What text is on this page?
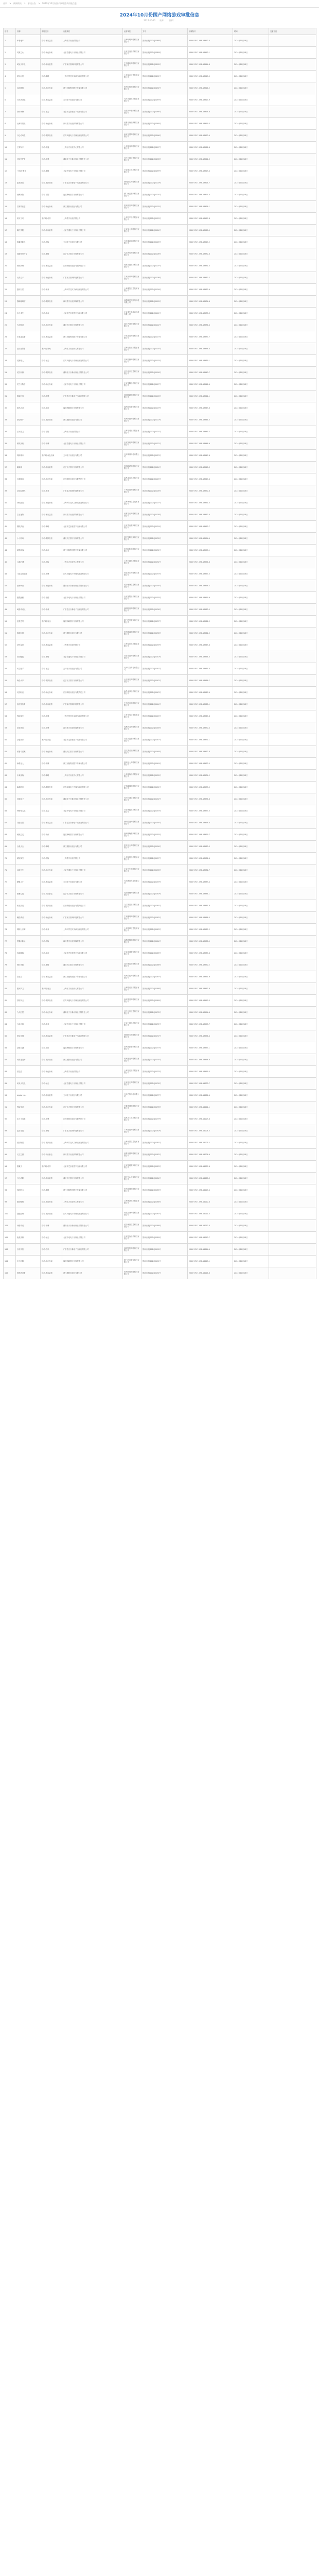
首页 > 新闻资讯 > 游戏公告 > 2024年10月份国产网络游戏审批信息
2024年10月份国产网络游戏审批信息
2024-10-21 来源： 编辑：
序号	名称	申报类别	出版单位	运营单位	文号	出版物号	时间	变更信息
1	咔嗒地牢	移动-休闲益智	上海数字出版有限公司	上海咔嗒网络科技有限公司	国新出审[2024]2088号	ISBN 978-7-498-13912-4	2024年10月18日	
2	英雄之心	移动-角色扮演	北京伯通电子出版社有限公司	北京光速互动科技有限公司	国新出审[2024]2089号	ISBN 978-7-498-13913-1	2024年10月18日	
3	萌宠大作战	移动-休闲益智	广东南方数码科技有限公司	广州趣玩网络科技有限公司	国新出审[2024]2090号	ISBN 978-7-498-13914-8	2024年10月18日	
4	星途远航	移动-策略	上海科学技术文献出版社有限公司	上海星途信息技术有限公司	国新出审[2024]2091号	ISBN 978-7-498-13915-5	2024年10月18日	
5	仙剑奇缘	移动-角色扮演	浙江出版集团数字传媒有限公司	杭州仙缘网络科技有限公司	国新出审[2024]2092号	ISBN 978-7-498-13916-2	2024年10月18日	
6	方块消消乐	移动-休闲益智	天津电子出版社有限公司	天津乐趣互动娱乐有限公司	国新出审[2024]2093号	ISBN 978-7-498-13917-9	2024年10月18日	
7	铁甲争锋	移动-射击	北京华艺创世数字出版有限公司	北京铁甲游戏科技有限公司	国新出审[2024]2094号	ISBN 978-7-498-13918-6	2024年10月18日	
8	山海异闻录	移动-角色扮演	四川数字出版传媒有限公司	成都山海互娱科技有限公司	国新出审[2024]2095号	ISBN 978-7-498-13919-3	2024年10月18日	
9	开心农场主	移动-模拟经营	江苏凤凰电子音像出版社有限公司	南京田园网络科技有限公司	国新出审[2024]2096号	ISBN 978-7-498-13920-9	2024年10月18日	
10	王牌车手	移动-竞速	上海东方出版中心有限公司	上海极速网络科技有限公司	国新出审[2024]2097号	ISBN 978-7-498-13921-6	2024年10月18日	
11	幻境守护者	移动-卡牌	湖南电子音像出版社有限责任公司	长沙幻境信息科技有限公司	国新出审[2024]2098号	ISBN 978-7-498-13922-3	2024年10月18日	
12	三国志·霸业	移动-策略	北京中电电子出版社有限公司	北京霸业互动科技有限公司	国新出审[2024]2099号	ISBN 978-7-498-13923-0	2024年10月18日	
13	甜品物语	移动-模拟经营	广东语言音像电子出版社有限公司	深圳甜心网络科技有限公司	国新出审[2024]2100号	ISBN 978-7-498-13924-7	2024年10月18日	
14	深海探险	移动-冒险	福建海峡数字出版有限公司	厦门深蓝游戏科技有限公司	国新出审[2024]2101号	ISBN 978-7-498-13925-4	2024年10月18日	
15	武林群侠志	移动-角色扮演	浙江摄影出版社有限公司	杭州侠客网络科技有限公司	国新出审[2024]2102号	ISBN 978-7-498-13926-1	2024年10月18日	
16	机甲工坊	客户端-动作	上海数字出版有限公司	上海机甲互动娱乐有限公司	国新出审[2024]2103号	ISBN 978-7-498-13927-8	2024年10月18日	
17	魔法学院	移动-休闲益智	北京伯通电子出版社有限公司	北京星火网络科技有限公司	国新出审[2024]2104号	ISBN 978-7-498-13928-5	2024年10月18日	
18	像素冒险岛	移动-冒险	天津电子出版社有限公司	天津像素乐园科技有限公司	国新出审[2024]2105号	ISBN 978-7-498-13929-2	2024年10月18日	
19	战舰世界传说	移动-策略	辽宁北方数字出版有限公司	大连海风网络科技有限公司	国新出审[2024]2106号	ISBN 978-7-498-13930-8	2024年10月18日	
20	拼图大师	移动-休闲益智	江西高校出版社有限责任公司	南昌智趣互动科技有限公司	国新出审[2024]2107号	ISBN 978-7-498-13931-5	2024年10月18日	
21	天命之子	移动-角色扮演	广东南方数码科技有限公司	广州天命网络科技有限公司	国新出审[2024]2108号	ISBN 978-7-498-13932-2	2024年10月18日	
22	篮球巨星	移动-体育	上海科学技术文献出版社有限公司	上海灌篮信息技术有限公司	国新出审[2024]2109号	ISBN 978-7-498-13933-9	2024年10月18日	
23	猫咪咖啡馆	移动-模拟经营	四川数字出版传媒有限公司	成都喵星人网络科技有限公司	国新出审[2024]2110号	ISBN 978-7-498-13934-6	2024年10月18日	
24	末日求生	移动-生存	北京华艺创世数字出版有限公司	北京求生者游戏科技有限公司	国新出审[2024]2111号	ISBN 978-7-498-13935-3	2024年10月18日	
25	古剑传说	移动-角色扮演	湖北长江数字出版有限公司	武汉古剑互娱科技有限公司	国新出审[2024]2112号	ISBN 978-7-498-13936-0	2024年10月18日	
26	水果连连看	移动-休闲益智	浙江出版集团数字传媒有限公司	宁波果果网络科技有限公司	国新出审[2024]2113号	ISBN 978-7-498-13937-7	2024年10月18日	
27	星际指挥官	客户端-策略	上海东方出版中心有限公司	上海星际互动娱乐有限公司	国新出审[2024]2114号	ISBN 978-7-498-13938-4	2024年10月18日	
28	荒野猎人	移动-射击	江苏凤凰电子音像出版社有限公司	苏州荒野网络科技有限公司	国新出审[2024]2115号	ISBN 978-7-498-13939-1	2024年10月18日	
29	花园小镇	移动-模拟经营	湖南电子音像出版社有限责任公司	长沙花开信息科技有限公司	国新出审[2024]2116号	ISBN 978-7-498-13940-7	2024年10月18日	
30	龙之谷物语	移动-角色扮演	北京中电电子出版社有限公司	北京龙腾互动科技有限公司	国新出审[2024]2117号	ISBN 978-7-498-13941-4	2024年10月18日	
31	棋魂对弈	移动-棋牌	广东语言音像电子出版社有限公司	深圳棋趣网络科技有限公司	国新出审[2024]2118号	ISBN 978-7-498-13942-1	2024年10月18日	
32	疾风忍者	移动-动作	福建海峡数字出版有限公司	福州疾风游戏科技有限公司	国新出审[2024]2119号	ISBN 978-7-498-13943-8	2024年10月18日	
33	梦幻餐厅	移动-模拟经营	浙江摄影出版社有限公司	杭州梦厨网络科技有限公司	国新出审[2024]2120号	ISBN 978-7-498-13944-5	2024年10月18日	
34	王城守卫	移动-塔防	上海数字出版有限公司	上海守城互动娱乐有限公司	国新出审[2024]2121号	ISBN 978-7-498-13945-2	2024年10月18日	
35	精灵契约	移动-卡牌	北京伯通电子出版社有限公司	北京契约网络科技有限公司	国新出审[2024]2122号	ISBN 978-7-498-13946-9	2024年10月18日	
36	赛博都市	客户端-角色扮演	天津电子出版社有限公司	天津赛博科技有限公司	国新出审[2024]2123号	ISBN 978-7-498-13947-6	2024年10月18日	
37	跳跳球	移动-休闲益智	辽宁北方数字出版有限公司	沈阳跳跃网络科技有限公司	国新出审[2024]2124号	ISBN 978-7-498-13948-3	2024年10月18日	
38	江湖夜雨	移动-角色扮演	江西高校出版社有限责任公司	南昌夜雨互动科技有限公司	国新出审[2024]2125号	ISBN 978-7-498-13949-0	2024年10月18日	
39	足球经理人	移动-体育	广东南方数码科技有限公司	广州绿茵网络科技有限公司	国新出审[2024]2126号	ISBN 978-7-498-13950-6	2024年10月18日	
40	神域战记	移动-角色扮演	上海科学技术文献出版社有限公司	上海神域信息技术有限公司	国新出审[2024]2127号	ISBN 978-7-498-13951-3	2024年10月18日	
41	宝石迷阵	移动-休闲益智	四川数字出版传媒有限公司	成都宝石网络科技有限公司	国新出审[2024]2128号	ISBN 978-7-498-13952-0	2024年10月18日	
42	钢铁洪流	移动-策略	北京华艺创世数字出版有限公司	北京洪流游戏科技有限公司	国新出审[2024]2129号	ISBN 978-7-498-13953-7	2024年10月18日	
43	小小牧场	移动-模拟经营	湖北长江数字出版有限公司	武汉牧歌互娱科技有限公司	国新出审[2024]2130号	ISBN 978-7-498-13954-4	2024年10月18日	
44	暗影刺客	移动-动作	浙江出版集团数字传媒有限公司	杭州暗影网络科技有限公司	国新出审[2024]2131号	ISBN 978-7-498-13955-1	2024年10月18日	
45	云端之城	移动-冒险	上海东方出版中心有限公司	上海云端互动娱乐有限公司	国新出审[2024]2132号	ISBN 978-7-498-13956-8	2024年10月18日	
46	斗地主欢乐版	移动-棋牌	江苏凤凰电子音像出版社有限公司	南京欢乐网络科技有限公司	国新出审[2024]2133号	ISBN 978-7-498-13957-5	2024年10月18日	
47	诸神黄昏	移动-角色扮演	湖南电子音像出版社有限责任公司	长沙诸神信息科技有限公司	国新出审[2024]2134号	ISBN 978-7-498-13958-2	2024年10月18日	
48	极限跑酷	移动-跑酷	北京中电电子出版社有限公司	北京极限互动科技有限公司	国新出审[2024]2135号	ISBN 978-7-498-13959-9	2024年10月18日	
49	萌兽养成记	移动-养成	广东语言音像电子出版社有限公司	深圳萌兽网络科技有限公司	国新出审[2024]2136号	ISBN 978-7-498-13960-5	2024年10月18日	
50	逆战苍穹	客户端-射击	福建海峡数字出版有限公司	厦门苍穹游戏科技有限公司	国新出审[2024]2137号	ISBN 978-7-498-13961-2	2024年10月18日	
51	桃源仙境	移动-角色扮演	浙江摄影出版社有限公司	杭州桃源网络科技有限公司	国新出审[2024]2138号	ISBN 978-7-498-13962-9	2024年10月18日	
52	消灭星星	移动-休闲益智	上海数字出版有限公司	上海星星互动娱乐有限公司	国新出审[2024]2139号	ISBN 978-7-498-13963-6	2024年10月18日	
53	帝国崛起	移动-策略	北京伯通电子出版社有限公司	北京帝国网络科技有限公司	国新出审[2024]2140号	ISBN 978-7-498-13964-3	2024年10月18日	
54	时空猎手	移动-射击	天津电子出版社有限公司	天津时空科技有限公司	国新出审[2024]2141号	ISBN 978-7-498-13965-0	2024年10月18日	
55	海岛大亨	移动-模拟经营	辽宁北方数字出版有限公司	大连海岛网络科技有限公司	国新出审[2024]2142号	ISBN 978-7-498-13966-7	2024年10月18日	
56	灵剑仙途	移动-角色扮演	江西高校出版社有限责任公司	南昌灵剑互动科技有限公司	国新出审[2024]2143号	ISBN 978-7-498-13967-4	2024年10月18日	
57	泡泡龙传奇	移动-休闲益智	广东南方数码科技有限公司	广州泡泡网络科技有限公司	国新出审[2024]2144号	ISBN 978-7-498-13968-1	2024年10月18日	
58	雪地赛车	移动-竞速	上海科学技术文献出版社有限公司	上海飞雪信息技术有限公司	国新出审[2024]2145号	ISBN 978-7-498-13969-8	2024年10月18日	
59	妖灵物语	移动-卡牌	四川数字出版传媒有限公司	成都妖灵网络科技有限公司	国新出审[2024]2146号	ISBN 978-7-498-13970-4	2024年10月18日	
60	沙盒世界	客户端-沙盒	北京华艺创世数字出版有限公司	北京沙盒游戏科技有限公司	国新出审[2024]2147号	ISBN 978-7-498-13971-1	2024年10月18日	
61	勇者斗恶魔	移动-角色扮演	湖北长江数字出版有限公司	武汉勇者互娱科技有限公司	国新出审[2024]2148号	ISBN 978-7-498-13972-8	2024年10月18日	
62	麻将达人	移动-棋牌	浙江出版集团数字传媒有限公司	温州达人网络科技有限公司	国新出审[2024]2149号	ISBN 978-7-498-13973-5	2024年10月18日	
63	未来战线	移动-策略	上海东方出版中心有限公司	上海战线互动娱乐有限公司	国新出审[2024]2150号	ISBN 978-7-498-13974-2	2024年10月18日	
64	森林物语	移动-模拟经营	江苏凤凰电子音像出版社有限公司	无锡森林网络科技有限公司	国新出审[2024]2151号	ISBN 978-7-498-13975-9	2024年10月18日	
65	封神演义	移动-角色扮演	湖南电子音像出版社有限责任公司	长沙封神信息科技有限公司	国新出审[2024]2152号	ISBN 978-7-498-13976-6	2024年10月18日	
66	弹弹堂大战	移动-射击	北京中电电子出版社有限公司	北京弹跳互动科技有限公司	国新出审[2024]2153号	ISBN 978-7-498-13977-3	2024年10月18日	
67	奇迹花园	移动-休闲益智	广东语言音像电子出版社有限公司	深圳奇迹网络科技有限公司	国新出审[2024]2154号	ISBN 978-7-498-13978-0	2024年10月18日	
68	破晓之光	移动-动作	福建海峡数字出版有限公司	福州破晓游戏科技有限公司	国新出审[2024]2155号	ISBN 978-7-498-13979-7	2024年10月18日	
69	百战天虫	移动-策略	浙江摄影出版社有限公司	杭州天虫网络科技有限公司	国新出审[2024]2156号	ISBN 978-7-498-13980-3	2024年10月18日	
70	秘境探宝	移动-冒险	上海数字出版有限公司	上海秘境互动娱乐有限公司	国新出审[2024]2157号	ISBN 978-7-498-13981-0	2024年10月18日	
71	问道长生	移动-角色扮演	北京伯通电子出版社有限公司	北京长生网络科技有限公司	国新出审[2024]2158号	ISBN 978-7-498-13982-7	2024年10月18日	
72	糖果工厂	移动-休闲益智	天津电子出版社有限公司	天津糖果科技有限公司	国新出审[2024]2159号	ISBN 978-7-498-13983-4	2024年10月18日	
73	雄鹰空战	移动-飞行射击	辽宁北方数字出版有限公司	沈阳雄鹰网络科技有限公司	国新出审[2024]2160号	ISBN 978-7-498-13984-1	2024年10月18日	
74	桃花源记	移动-模拟经营	江西高校出版社有限责任公司	九江桃源互动科技有限公司	国新出审[2024]2161号	ISBN 978-7-498-13985-8	2024年10月18日	
75	魔塔勇者	移动-角色扮演	广东南方数码科技有限公司	广州魔塔网络科技有限公司	国新出审[2024]2162号	ISBN 978-7-498-13986-5	2024年10月18日	
76	网球公开赛	移动-体育	上海科学技术文献出版社有限公司	上海网球信息技术有限公司	国新出审[2024]2163号	ISBN 978-7-498-13987-2	2024年10月18日	
77	熊猫历险记	移动-冒险	四川数字出版传媒有限公司	成都熊猫网络科技有限公司	国新出审[2024]2164号	ISBN 978-7-498-13988-9	2024年10月18日	
78	战神降临	移动-动作	北京华艺创世数字出版有限公司	北京战神游戏科技有限公司	国新出审[2024]2165号	ISBN 978-7-498-13989-6	2024年10月18日	
79	楚汉争霸	移动-策略	湖北长江数字出版有限公司	武汉楚汉互娱科技有限公司	国新出审[2024]2166号	ISBN 978-7-498-13990-2	2024年10月18日	
80	彩虹岛	移动-休闲益智	浙江出版集团数字传媒有限公司	杭州彩虹网络科技有限公司	国新出审[2024]2167号	ISBN 978-7-498-13991-9	2024年10月18日	
81	银河护卫	客户端-射击	上海东方出版中心有限公司	上海银河互动娱乐有限公司	国新出审[2024]2168号	ISBN 978-7-498-13992-6	2024年10月18日	
82	茶馆风云	移动-模拟经营	江苏凤凰电子音像出版社有限公司	扬州茶香网络科技有限公司	国新出审[2024]2169号	ISBN 978-7-498-13993-3	2024年10月18日	
83	九州幻想	移动-角色扮演	湖南电子音像出版社有限责任公司	长沙九州信息科技有限公司	国新出审[2024]2170号	ISBN 978-7-498-13994-0	2024年10月18日	
84	台球大师	移动-体育	北京中电电子出版社有限公司	北京台球互动科技有限公司	国新出审[2024]2171号	ISBN 978-7-498-13995-7	2024年10月18日	
85	萌宝乐园	移动-休闲益智	广东语言音像电子出版社有限公司	深圳萌宝网络科技有限公司	国新出审[2024]2172号	ISBN 978-7-498-13996-4	2024年10月18日	
86	剑影江湖	移动-动作	福建海峡数字出版有限公司	泉州剑影游戏科技有限公司	国新出审[2024]2173号	ISBN 978-7-498-13997-1	2024年10月18日	
87	城市建造师	移动-模拟经营	浙江摄影出版社有限公司	杭州建造网络科技有限公司	国新出审[2024]2174号	ISBN 978-7-498-13998-8	2024年10月18日	
88	星辰变	移动-角色扮演	上海数字出版有限公司	上海星辰互动娱乐有限公司	国新出审[2024]2175号	ISBN 978-7-498-13999-5	2024年10月18日	
89	坦克大决战	移动-射击	北京伯通电子出版社有限公司	北京坦克网络科技有限公司	国新出审[2024]2176号	ISBN 978-7-498-14000-7	2024年10月18日	
90	digital tiles	移动-休闲益智	天津电子出版社有限公司	天津方格科技有限公司	国新出审[2024]2177号	ISBN 978-7-498-14001-4	2024年10月18日	
91	雪域传说	移动-角色扮演	辽宁北方数字出版有限公司	长春雪域网络科技有限公司	国新出审[2024]2178号	ISBN 978-7-498-14002-1	2024年10月18日	
92	乐斗小英雄	移动-卡牌	江西高校出版社有限责任公司	南昌乐斗互动科技有限公司	国新出审[2024]2179号	ISBN 978-7-498-14003-8	2024年10月18日	
93	远古部落	移动-策略	广东南方数码科技有限公司	广州部落网络科技有限公司	国新出审[2024]2180号	ISBN 978-7-498-14004-5	2024年10月18日	
94	田园物语	移动-模拟经营	上海科学技术文献出版社有限公司	上海田园信息技术有限公司	国新出审[2024]2181号	ISBN 978-7-498-14005-2	2024年10月18日	
95	天空之翼	移动-飞行射击	四川数字出版传媒有限公司	成都天翼网络科技有限公司	国新出审[2024]2182号	ISBN 978-7-498-14006-9	2024年10月18日	
96	猎魔人	客户端-动作	北京华艺创世数字出版有限公司	北京猎魔游戏科技有限公司	国新出审[2024]2183号	ISBN 978-7-498-14007-6	2024年10月18日	
97	开心消除	移动-休闲益智	湖北长江数字出版有限公司	武汉开心互娱科技有限公司	国新出审[2024]2184号	ISBN 978-7-498-14008-3	2024年10月18日	
98	战国风云	移动-策略	浙江出版集团数字传媒有限公司	杭州战国网络科技有限公司	国新出审[2024]2185号	ISBN 978-7-498-14009-0	2024年10月18日	
99	御剑情缘	移动-角色扮演	上海东方出版中心有限公司	上海御剑互动娱乐有限公司	国新出审[2024]2186号	ISBN 978-7-498-14010-6	2024年10月18日	
100	超级厨师	移动-模拟经营	江苏凤凰电子音像出版社有限公司	南京厨神网络科技有限公司	国新出审[2024]2187号	ISBN 978-7-498-14011-3	2024年10月18日	
101	神兽传说	移动-卡牌	湖南电子音像出版社有限责任公司	长沙神兽信息科技有限公司	国新出审[2024]2188号	ISBN 978-7-498-14012-0	2024年10月18日	
102	枪战英雄	移动-射击	北京中电电子出版社有限公司	北京枪战互动科技有限公司	国新出审[2024]2189号	ISBN 978-7-498-14013-7	2024年10月18日	
103	音乐节拍	移动-音乐	广东语言音像电子出版社有限公司	深圳节拍网络科技有限公司	国新出审[2024]2190号	ISBN 978-7-498-14014-4	2024年10月18日	
104	玄幻大陆	移动-角色扮演	福建海峡数字出版有限公司	厦门玄幻游戏科技有限公司	国新出审[2024]2191号	ISBN 978-7-498-14015-1	2024年10月18日	
105	萌萌消消看	移动-休闲益智	浙江摄影出版社有限公司	杭州萌萌网络科技有限公司	国新出审[2024]2192号	ISBN 978-7-498-14016-8	2024年10月18日	
